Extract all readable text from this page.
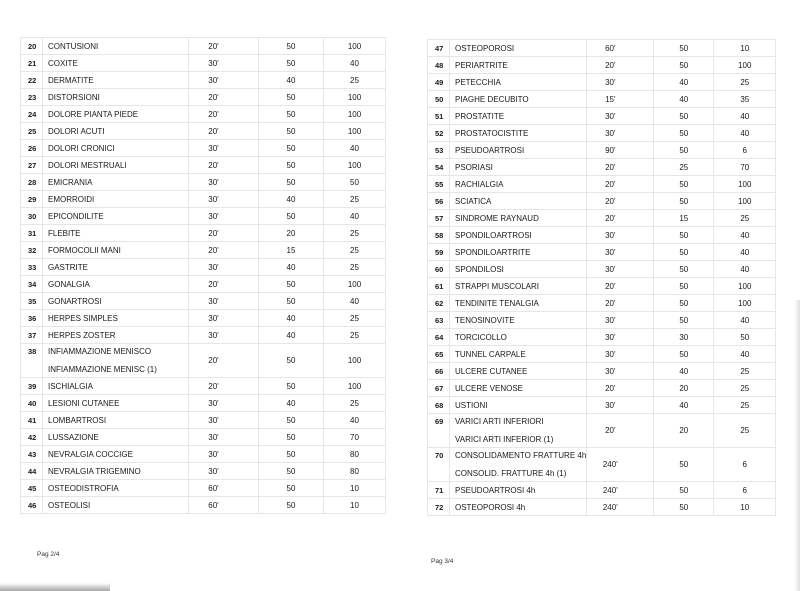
20	CONTUSIONI	20'	50	100
21	COXITE	30'	50	40
22	DERMATITE	30'	40	25
23	DISTORSIONI	20'	50	100
24	DOLORE PIANTA PIEDE	20'	50	100
25	DOLORI ACUTI	20'	50	100
26	DOLORI CRONICI	30'	50	40
27	DOLORI MESTRUALI	20'	50	100
28	EMICRANIA	30'	50	50
29	EMORROIDI	30'	40	25
30	EPICONDILITE	30'	50	40
31	FLEBITE	20'	20	25
32	FORMOCOLII MANI	20'	15	25
33	GASTRITE	30'	40	25
34	GONALGIA	20'	50	100
35	GONARTROSI	30'	50	40
36	HERPES SIMPLES	30'	40	25
37	HERPES ZOSTER	30'	40	25
38	INFIAMMAZIONE MENISCO
INFIAMMAZIONE MENISC (1)	20'	50	100
39	ISCHIALGIA	20'	50	100
40	LESIONI CUTANEE	30'	40	25
41	LOMBARTROSI	30'	50	40
42	LUSSAZIONE	30'	50	70
43	NEVRALGIA COCCIGE	30'	50	80
44	NEVRALGIA TRIGEMINO	30'	50	80
45	OSTEODISTROFIA	60'	50	10
46	OSTEOLISI	60'	50	10
Pag 2/4
47	OSTEOPOROSI	60'	50	10
48	PERIARTRITE	20'	50	100
49	PETECCHIA	30'	40	25
50	PIAGHE DECUBITO	15'	40	35
51	PROSTATITE	30'	50	40
52	PROSTATOCISTITE	30'	50	40
53	PSEUDOARTROSI	90'	50	6
54	PSORIASI	20'	25	70
55	RACHIALGIA	20'	50	100
56	SCIATICA	20'	50	100
57	SINDROME RAYNAUD	20'	15	25
58	SPONDILOARTROSI	30'	50	40
59	SPONDILOARTRITE	30'	50	40
60	SPONDILOSI	30'	50	40
61	STRAPPI MUSCOLARI	20'	50	100
62	TENDINITE TENALGIA	20'	50	100
63	TENOSINOVITE	30'	50	40
64	TORCICOLLO	30'	30	50
65	TUNNEL CARPALE	30'	50	40
66	ULCERE CUTANEE	30'	40	25
67	ULCERE VENOSE	20'	20	25
68	USTIONI	30'	40	25
69	VARICI ARTI INFERIORI
VARICI ARTI INFERIOR (1)	20'	20	25
70	CONSOLIDAMENTO FRATTURE 4h
CONSOLID. FRATTURE 4h (1)	240'	50	6
71	PSEUDOARTROSI 4h	240'	50	6
72	OSTEOPOROSI 4h	240'	50	10
Pag 3/4
